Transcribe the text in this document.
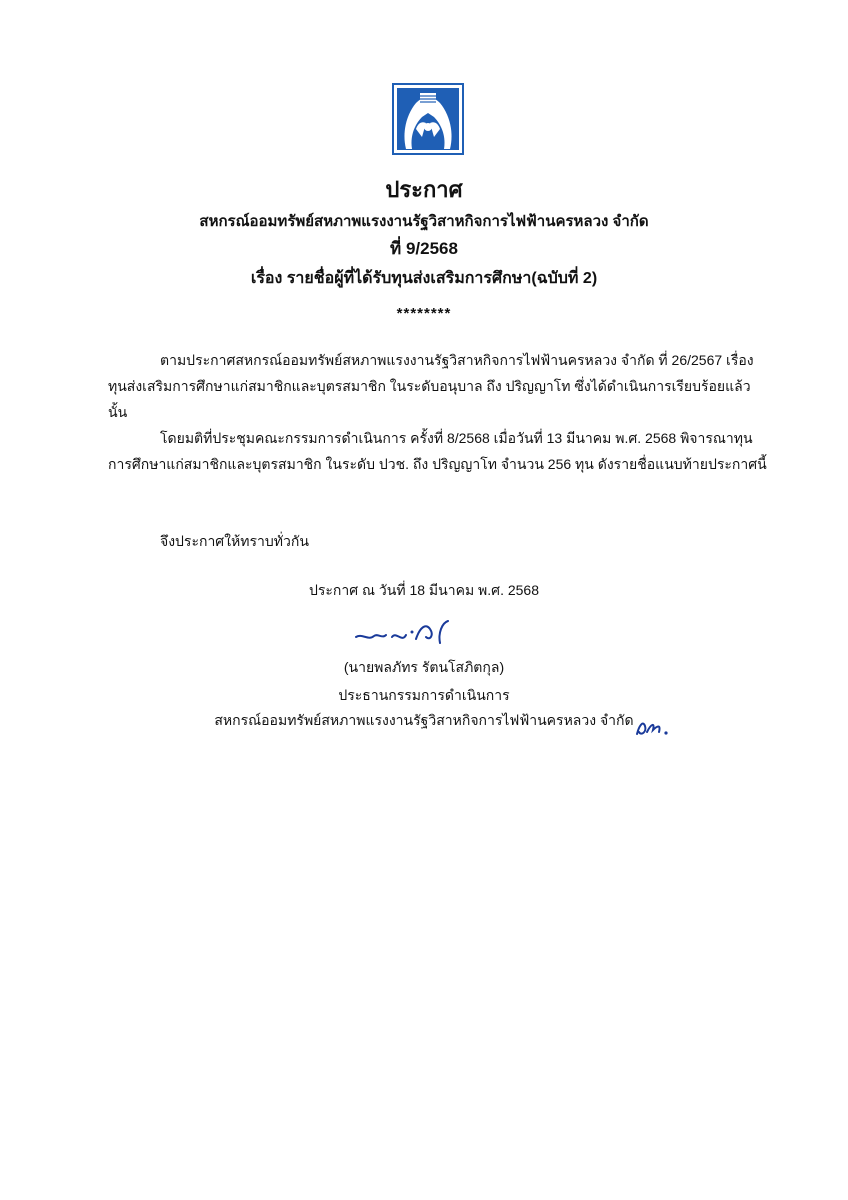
ประกาศ
สหกรณ์ออมทรัพย์สหภาพแรงงานรัฐวิสาหกิจการไฟฟ้านครหลวง จำกัด
ที่ 9/2568
เรื่อง รายชื่อผู้ที่ได้รับทุนส่งเสริมการศึกษา(ฉบับที่ 2)
********
ตามประกาศสหกรณ์ออมทรัพย์สหภาพแรงงานรัฐวิสาหกิจการไฟฟ้านครหลวง จำกัด ที่ 26/2567 เรื่อง ทุนส่งเสริมการศึกษาแก่สมาชิกและบุตรสมาชิก ในระดับอนุบาล ถึง ปริญญาโท ซึ่งได้ดำเนินการเรียบร้อยแล้ว นั้น
โดยมติที่ประชุมคณะกรรมการดำเนินการ ครั้งที่ 8/2568 เมื่อวันที่ 13 มีนาคม พ.ศ. 2568 พิจารณาทุนการศึกษาแก่สมาชิกและบุตรสมาชิก ในระดับ ปวช. ถึง ปริญญาโท จำนวน 256 ทุน ดังรายชื่อแนบท้ายประกาศนี้
จึงประกาศให้ทราบทั่วกัน
ประกาศ ณ วันที่ 18 มีนาคม พ.ศ. 2568
(นายพลภัทร รัตนโสภิตกุล)
ประธานกรรมการดำเนินการ
สหกรณ์ออมทรัพย์สหภาพแรงงานรัฐวิสาหกิจการไฟฟ้านครหลวง จำกัด
